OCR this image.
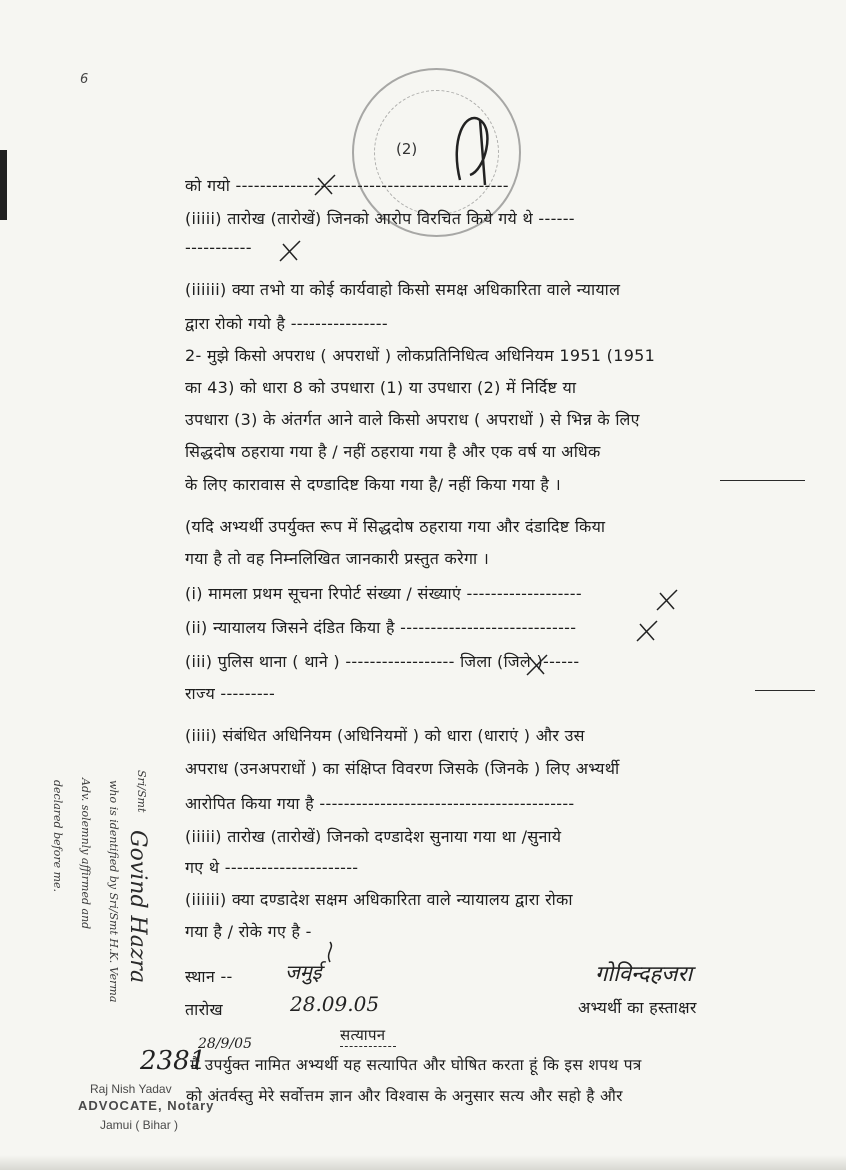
6
(2)
को गयो ---------------------------------------------
(iiiii) तारोख (तारोखें) जिनको आरोप विरचित किये गये थे ------
-----------
(iiiiii) क्या तभो या कोई कार्यवाहो किसो समक्ष अधिकारिता वाले न्यायाल
द्वारा रोको गयो है ----------------
2- मुझे किसो अपराध ( अपराधों ) लोकप्रतिनिधित्व अधिनियम 1951 (1951
का 43) को धारा 8 को उपधारा (1) या उपधारा (2) में निर्दिष्ट या
उपधारा (3) के अंतर्गत आने वाले किसो अपराध ( अपराधों ) से भिन्न के लिए
सिद्धदोष ठहराया गया है / नहीं ठहराया गया है और एक वर्ष या अधिक
के लिए कारावास से दण्डादिष्ट किया गया है/ नहीं किया गया है ।
(यदि अभ्यर्थी उपर्युक्त रूप में सिद्धदोष ठहराया गया और दंडादिष्ट किया
गया है तो वह निम्नलिखित जानकारी प्रस्तुत करेगा ।
(i) मामला प्रथम सूचना रिपोर्ट संख्या / संख्याएं -------------------
(ii) न्यायालय जिसने दंडित किया है -----------------------------
(iii) पुलिस थाना ( थाने ) ------------------ जिला (जिले )------
राज्य ---------
(iiii) संबंधित अधिनियम (अधिनियमों ) को धारा (धाराएं ) और उस
अपराध (उनअपराधों ) का संक्षिप्त विवरण जिसके (जिनके ) लिए अभ्यर्थी
आरोपित किया गया है ------------------------------------------
(iiiii) तारोख (तारोखें) जिनको दण्डादेश सुनाया गया था /सुनाये
गए थे ----------------------
(iiiiii) क्या दण्डादेश सक्षम अधिकारिता वाले न्यायालय द्वारा रोका
गया है / रोके गए है -
स्थान --	जमुई
तारोख	28.09.05
गोविन्दहजरा
अभ्यर्थी का हस्ताक्षर
सत्यापन
मैं उपर्युक्त नामित अभ्यर्थी यह सत्यापित और घोषित करता हूं कि इस शपथ पत्र
को अंतर्वस्तु मेरे सर्वोत्तम ज्ञान और विश्वास के अनुसार सत्य और सहो है और
Sri/Smt
Govind Hazra
who is identified by Sri/Smt H.K. Verma
Adv. solemnly affirmed and
declared before me.
2381
28/9/05
Raj Nish Yadav
ADVOCATE, Notary
Jamui ( Bihar )
